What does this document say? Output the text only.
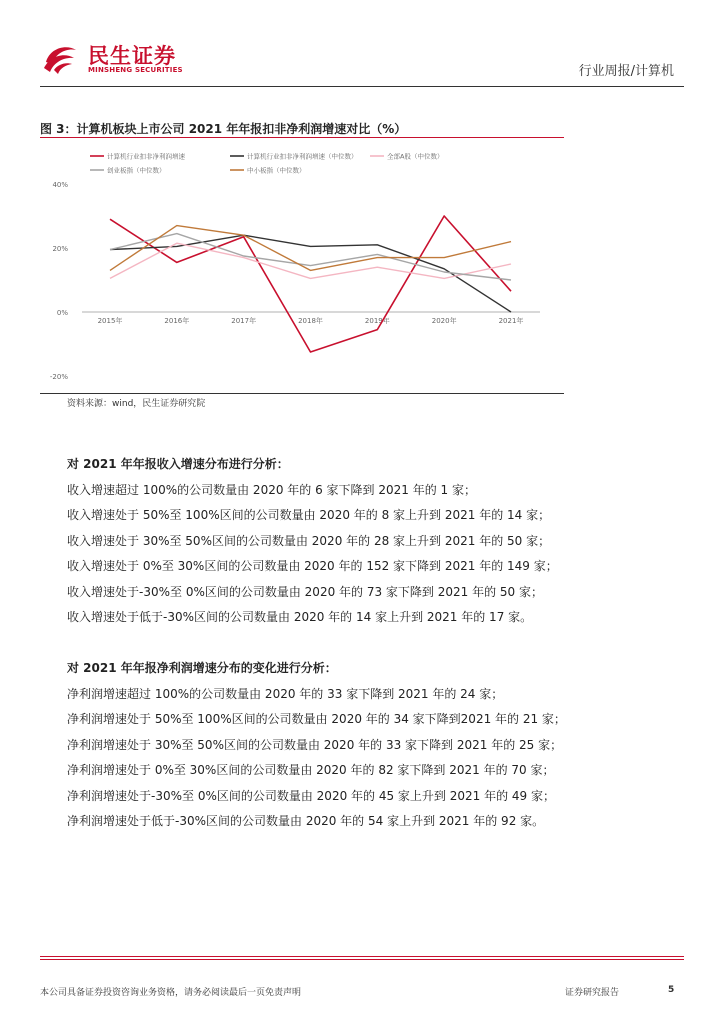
民生证券
MINSHENG SECURITIES	行业周报/计算机
图 3：计算机板块上市公司 2021 年年报扣非净利润增速对比（%）
计算机行业扣非净利润增速	计算机行业扣非净利润增速（中位数）	全部A股（中位数）
创业板指（中位数）	中小板指（中位数）
40%
20%
0%
-20%
2015年	2016年	2017年	2018年	2019年	2020年	2021年
资料来源：wind，民生证券研究院

对 2021 年年报收入增速分布进行分析：

收入增速超过 100%的公司数量由 2020 年的 6 家下降到 2021 年的 1 家；

收入增速处于 50%至 100%区间的公司数量由 2020 年的 8 家上升到 2021 年的 14 家；

收入增速处于 30%至 50%区间的公司数量由 2020 年的 28 家上升到 2021 年的 50 家；

收入增速处于 0%至 30%区间的公司数量由 2020 年的 152 家下降到 2021 年的 149 家；

收入增速处于-30%至 0%区间的公司数量由 2020 年的 73 家下降到 2021 年的 50 家；

收入增速处于低于-30%区间的公司数量由 2020 年的 14 家上升到 2021 年的 17 家。

对 2021 年年报净利润增速分布的变化进行分析：

净利润增速超过 100%的公司数量由 2020 年的 33 家下降到 2021 年的 24 家；

净利润增速处于 50%至 100%区间的公司数量由 2020 年的 34 家下降到2021 年的 21 家；

净利润增速处于 30%至 50%区间的公司数量由 2020 年的 33 家下降到 2021 年的 25 家；

净利润增速处于 0%至 30%区间的公司数量由 2020 年的 82 家下降到 2021 年的 70 家；

净利润增速处于-30%至 0%区间的公司数量由 2020 年的 45 家上升到 2021 年的 49 家；

净利润增速处于低于-30%区间的公司数量由 2020 年的 54 家上升到 2021 年的 92 家。

本公司具备证券投资咨询业务资格，请务必阅读最后一页免责声明	证券研究报告	5
